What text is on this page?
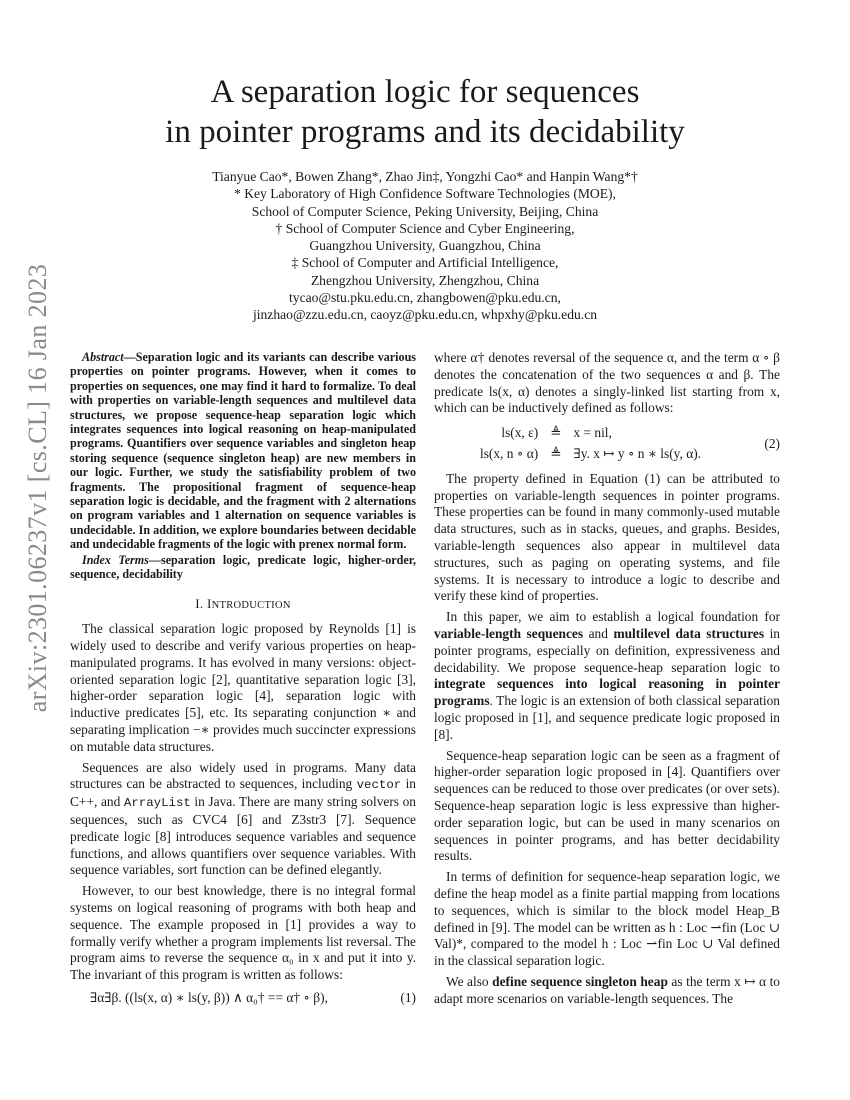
arXiv:2301.06237v1 [cs.CL] 16 Jan 2023
A separation logic for sequences
in pointer programs and its decidability
Tianyue Cao*, Bowen Zhang*, Zhao Jin‡, Yongzhi Cao* and Hanpin Wang*†
* Key Laboratory of High Confidence Software Technologies (MOE),
School of Computer Science, Peking University, Beijing, China
† School of Computer Science and Cyber Engineering,
Guangzhou University, Guangzhou, China
‡ School of Computer and Artificial Intelligence,
Zhengzhou University, Zhengzhou, China
tycao@stu.pku.edu.cn, zhangbowen@pku.edu.cn,
jinzhao@zzu.edu.cn, caoyz@pku.edu.cn, whpxhy@pku.edu.cn

Abstract—Separation logic and its variants can describe various properties on pointer programs. However, when it comes to properties on sequences, one may find it hard to formalize. To deal with properties on variable-length sequences and multilevel data structures, we propose sequence-heap separation logic which integrates sequences into logical reasoning on heap-manipulated programs. Quantifiers over sequence variables and singleton heap storing sequence (sequence singleton heap) are new members in our logic. Further, we study the satisfiability problem of two fragments. The propositional fragment of sequence-heap separation logic is decidable, and the fragment with 2 alternations on program variables and 1 alternation on sequence variables is undecidable. In addition, we explore boundaries between decidable and undecidable fragments of the logic with prenex normal form.

Index Terms—separation logic, predicate logic, higher-order, sequence, decidability

I. INTRODUCTION

The classical separation logic proposed by Reynolds [1] is widely used to describe and verify various properties on heap-manipulated programs. It has evolved in many versions: object-oriented separation logic [2], quantitative separation logic [3], higher-order separation logic [4], separation logic with inductive predicates [5], etc. Its separating conjunction ∗ and separating implication −∗ provides much succincter expressions on mutable data structures.

Sequences are also widely used in programs. Many data structures can be abstracted to sequences, including vector in C++, and ArrayList in Java. There are many string solvers on sequences, such as CVC4 [6] and Z3str3 [7]. Sequence predicate logic [8] introduces sequence variables and sequence functions, and allows quantifiers over sequence variables. With sequence variables, sort function can be defined elegantly.

However, to our best knowledge, there is no integral formal systems on logical reasoning of programs with both heap and sequence. The example proposed in [1] provides a way to formally verify whether a program implements list reversal. The program aims to reverse the sequence α₀ in x and put it into y. The invariant of this program is written as follows:

∃α∃β. ((ls(x, α) ∗ ls(y, β)) ∧ α₀† == α† ∘ β),	(1)

where α† denotes reversal of the sequence α, and the term α ∘ β denotes the concatenation of the two sequences α and β. The predicate ls(x, α) denotes a singly-linked list starting from x, which can be inductively defined as follows:

ls(x, ε)	≜	x = nil,
ls(x, n ∘ α)	≜	∃y. x ↦ y ∘ n ∗ ls(y, α).
(2)

The property defined in Equation (1) can be attributed to properties on variable-length sequences in pointer programs. These properties can be found in many commonly-used mutable data structures, such as in stacks, queues, and graphs. Besides, variable-length sequences also appear in multilevel data structures, such as paging on operating systems, and file systems. It is necessary to introduce a logic to describe and verify these kind of properties.

In this paper, we aim to establish a logical foundation for variable-length sequences and multilevel data structures in pointer programs, especially on definition, expressiveness and decidability. We propose sequence-heap separation logic to integrate sequences into logical reasoning in pointer programs. The logic is an extension of both classical separation logic proposed in [1], and sequence predicate logic proposed in [8].

Sequence-heap separation logic can be seen as a fragment of higher-order separation logic proposed in [4]. Quantifiers over sequences can be reduced to those over predicates (or over sets). Sequence-heap separation logic is less expressive than higher-order separation logic, but can be used in many scenarios on sequences in pointer programs, and has better decidability results.

In terms of definition for sequence-heap separation logic, we define the heap model as a finite partial mapping from locations to sequences, which is similar to the block model Heap_B defined in [9]. The model can be written as h : Loc ⇀fin (Loc ∪ Val)*, compared to the model h : Loc ⇀fin Loc ∪ Val defined in the classical separation logic.

We also define sequence singleton heap as the term x ↦ α to adapt more scenarios on variable-length sequences. The
